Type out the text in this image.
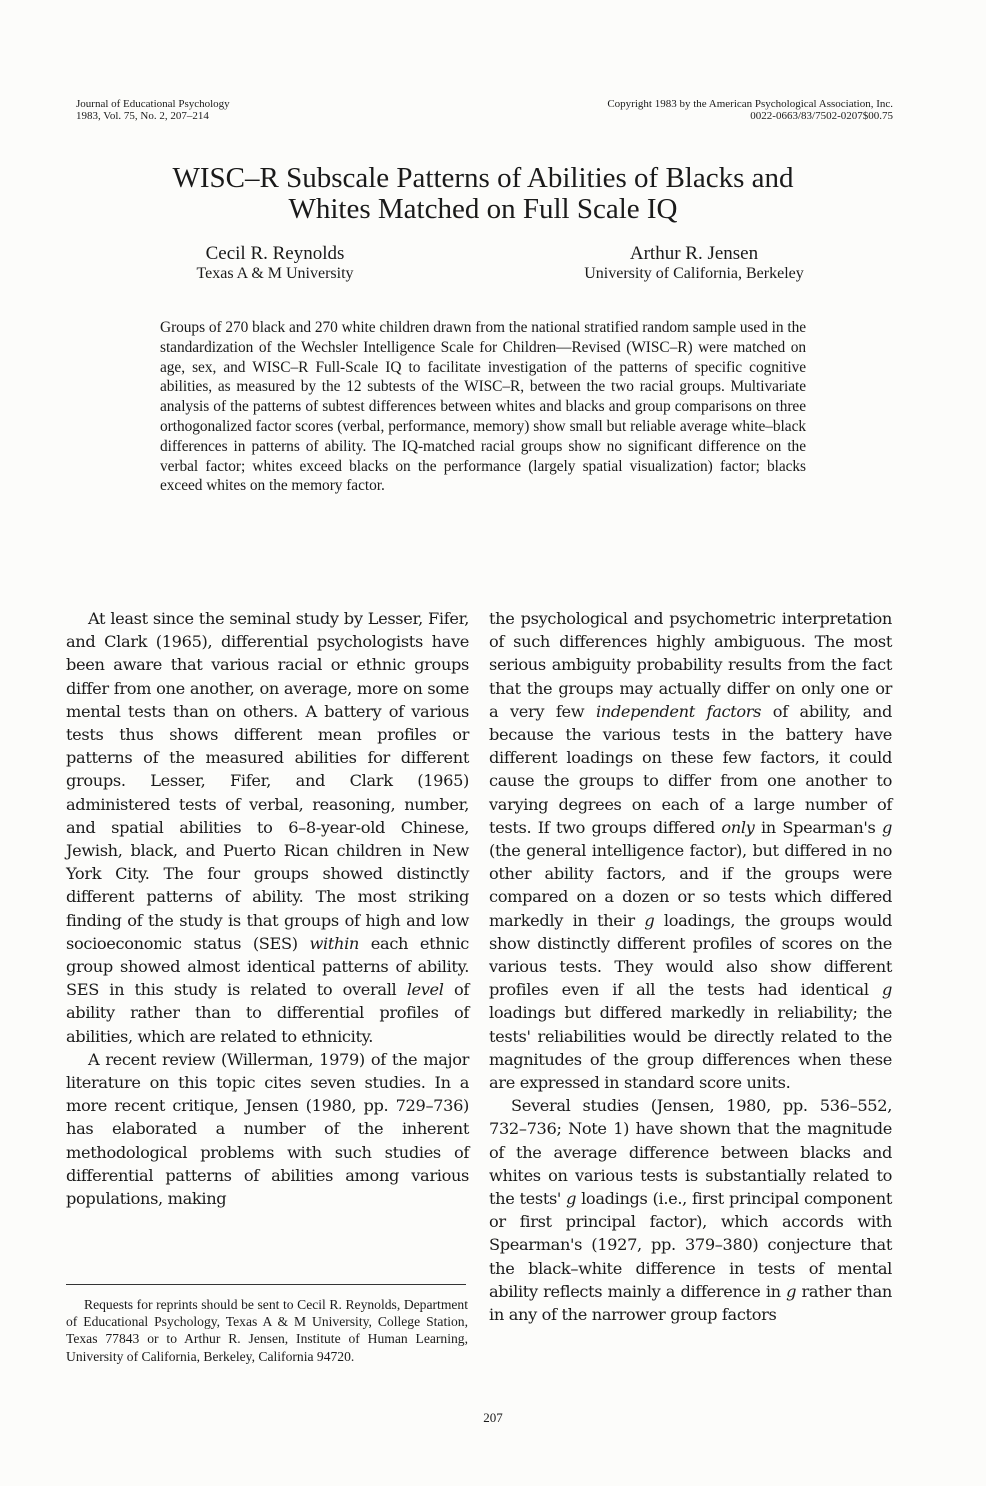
Journal of Educational Psychology
1983, Vol. 75, No. 2, 207–214
Copyright 1983 by the American Psychological Association, Inc.
0022-0663/83/7502-0207$00.75
WISC–R Subscale Patterns of Abilities of Blacks and
Whites Matched on Full Scale IQ
Cecil R. Reynolds
Texas A & M University
Arthur R. Jensen
University of California, Berkeley
Groups of 270 black and 270 white children drawn from the national stratified random sample used in the standardization of the Wechsler Intelligence Scale for Children—Revised (WISC–R) were matched on age, sex, and WISC–R Full-Scale IQ to facilitate investigation of the patterns of specific cognitive abilities, as measured by the 12 subtests of the WISC–R, between the two racial groups. Multivariate analysis of the patterns of subtest differences between whites and blacks and group comparisons on three orthogonalized factor scores (verbal, performance, memory) show small but reliable average white–black differences in patterns of ability. The IQ-matched racial groups show no significant difference on the verbal factor; whites exceed blacks on the performance (largely spatial visualization) factor; blacks exceed whites on the memory factor.

At least since the seminal study by Lesser, Fifer, and Clark (1965), differential psychologists have been aware that various racial or ethnic groups differ from one another, on average, more on some mental tests than on others. A battery of various tests thus shows different mean profiles or patterns of the measured abilities for different groups. Lesser, Fifer, and Clark (1965) administered tests of verbal, reasoning, number, and spatial abilities to 6–8-year-old Chinese, Jewish, black, and Puerto Rican children in New York City. The four groups showed distinctly different patterns of ability. The most striking finding of the study is that groups of high and low socioeconomic status (SES) within each ethnic group showed almost identical patterns of ability. SES in this study is related to overall level of ability rather than to differential profiles of abilities, which are related to ethnicity.

A recent review (Willerman, 1979) of the major literature on this topic cites seven studies. In a more recent critique, Jensen (1980, pp. 729–736) has elaborated a number of the inherent methodological problems with such studies of differential patterns of abilities among various populations, making

the psychological and psychometric interpretation of such differences highly ambiguous. The most serious ambiguity probability results from the fact that the groups may actually differ on only one or a very few independent factors of ability, and because the various tests in the battery have different loadings on these few factors, it could cause the groups to differ from one another to varying degrees on each of a large number of tests. If two groups differed only in Spearman's g (the general intelligence factor), but differed in no other ability factors, and if the groups were compared on a dozen or so tests which differed markedly in their g loadings, the groups would show distinctly different profiles of scores on the various tests. They would also show different profiles even if all the tests had identical g loadings but differed markedly in reliability; the tests' reliabilities would be directly related to the magnitudes of the group differences when these are expressed in standard score units.

Several studies (Jensen, 1980, pp. 536–552, 732–736; Note 1) have shown that the magnitude of the average difference between blacks and whites on various tests is substantially related to the tests' g loadings (i.e., first principal component or first principal factor), which accords with Spearman's (1927, pp. 379–380) conjecture that the black–white difference in tests of mental ability reflects mainly a difference in g rather than in any of the narrower group factors

Requests for reprints should be sent to Cecil R. Reynolds, Department of Educational Psychology, Texas A & M University, College Station, Texas 77843 or to Arthur R. Jensen, Institute of Human Learning, University of California, Berkeley, California 94720.
207
